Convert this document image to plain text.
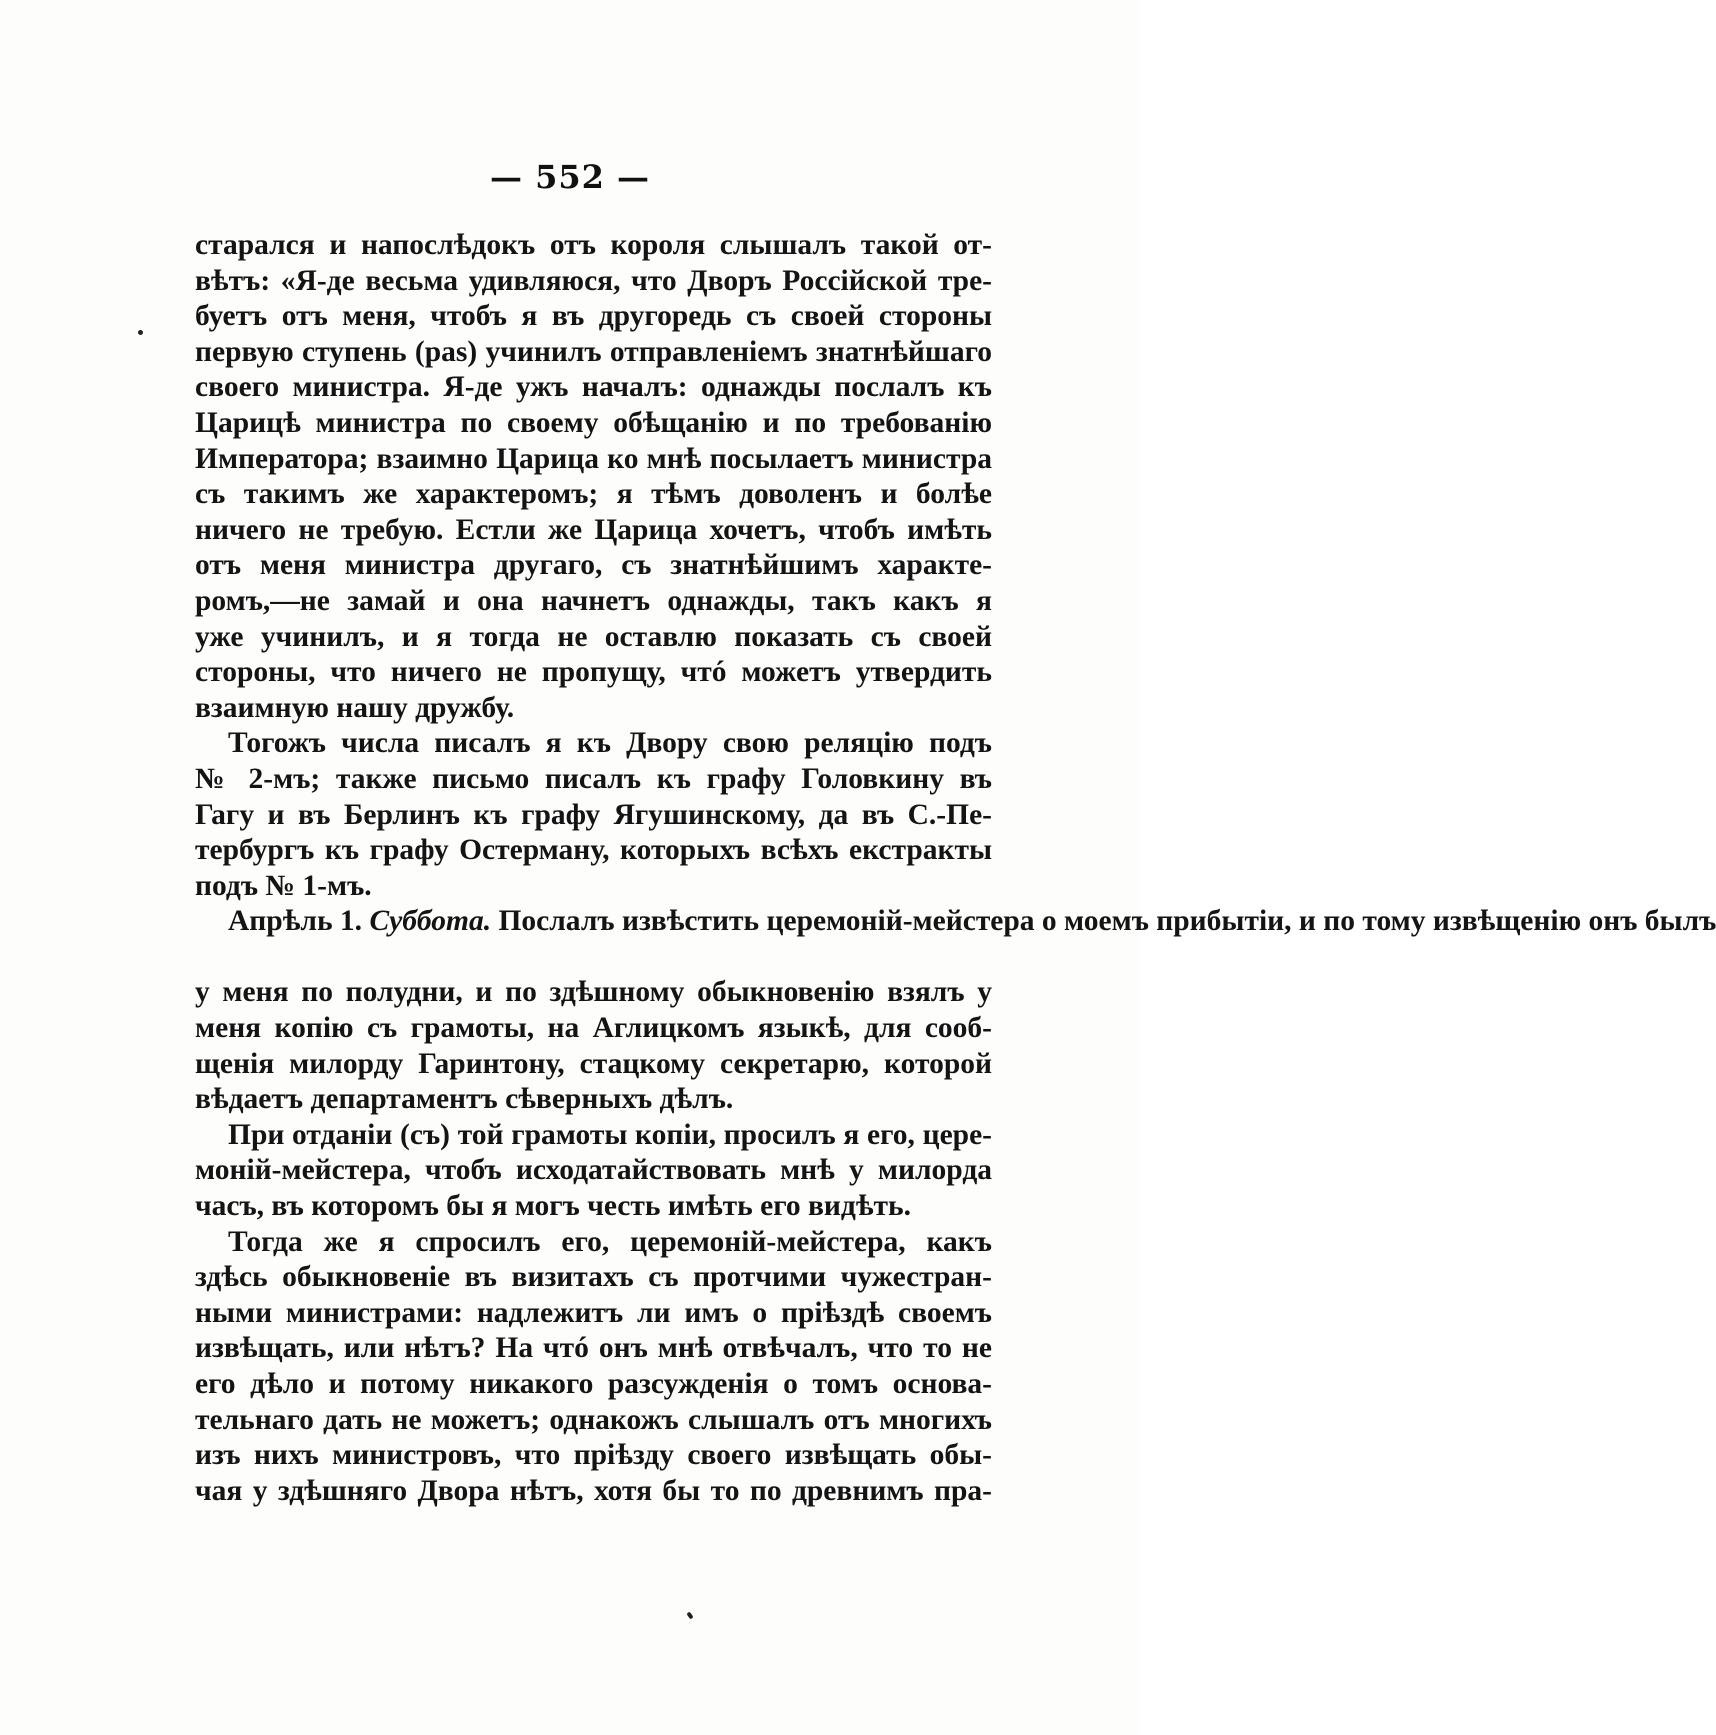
— 552 —
старался и напослѣдокъ отъ короля слышалъ такой от-
вѣтъ: «Я-де весьма удивляюся, что Дворъ Россійской тре-
буетъ отъ меня, чтобъ я въ другоредь съ своей стороны
первую ступень (pas) учинилъ отправленіемъ знатнѣйшаго
своего министра. Я-де ужъ началъ: однажды послалъ къ
Царицѣ министра по своему обѣщанію и по требованію
Императора; взаимно Царица ко мнѣ посылаетъ министра
съ такимъ же характеромъ; я тѣмъ доволенъ и болѣе
ничего не требую. Естли же Царица хочетъ, чтобъ имѣть
отъ меня министра другаго, съ знатнѣйшимъ характе-
ромъ,—не замай и она начнетъ однажды, такъ какъ я
уже учинилъ, и я тогда не оставлю показать съ своей
стороны, что ничего не пропущу, чтó можетъ утвердить
взаимную нашу дружбу.
Тогожъ числа писалъ я къ Двору свою реляцію подъ
№ 2-мъ; также письмо писалъ къ графу Головкину въ
Гагу и въ Берлинъ къ графу Ягушинскому, да въ С.-Пе-
тербургъ къ графу Остерману, которыхъ всѣхъ екстракты
подъ № 1-мъ.
Апрѣль 1. Суббота. Послалъ извѣстить церемоній-мейстера о моемъ прибытіи, и по тому извѣщенію онъ былъ
у меня по полудни, и по здѣшному обыкновенію взялъ у
меня копію съ грамоты, на Аглицкомъ языкѣ, для сооб-
щенія милорду Гаринтону, стацкому секретарю, которой
вѣдаетъ департаментъ сѣверныхъ дѣлъ.
При отданіи (съ) той грамоты копіи, просилъ я его, цере-
моній-мейстера, чтобъ исходатайствовать мнѣ у милорда
часъ, въ которомъ бы я могъ честь имѣть его видѣть.
Тогда же я спросилъ его, церемоній-мейстера, какъ
здѣсь обыкновеніе въ визитахъ съ протчими чужестран-
ными министрами: надлежитъ ли имъ о пріѣздѣ своемъ
извѣщать, или нѣтъ? На чтó онъ мнѣ отвѣчалъ, что то не
его дѣло и потому никакого разсужденія о томъ основа-
тельнаго дать не можетъ; однакожъ слышалъ отъ многихъ
изъ нихъ министровъ, что пріѣзду своего извѣщать обы-
чая у здѣшняго Двора нѣтъ, хотя бы то по древнимъ пра-
